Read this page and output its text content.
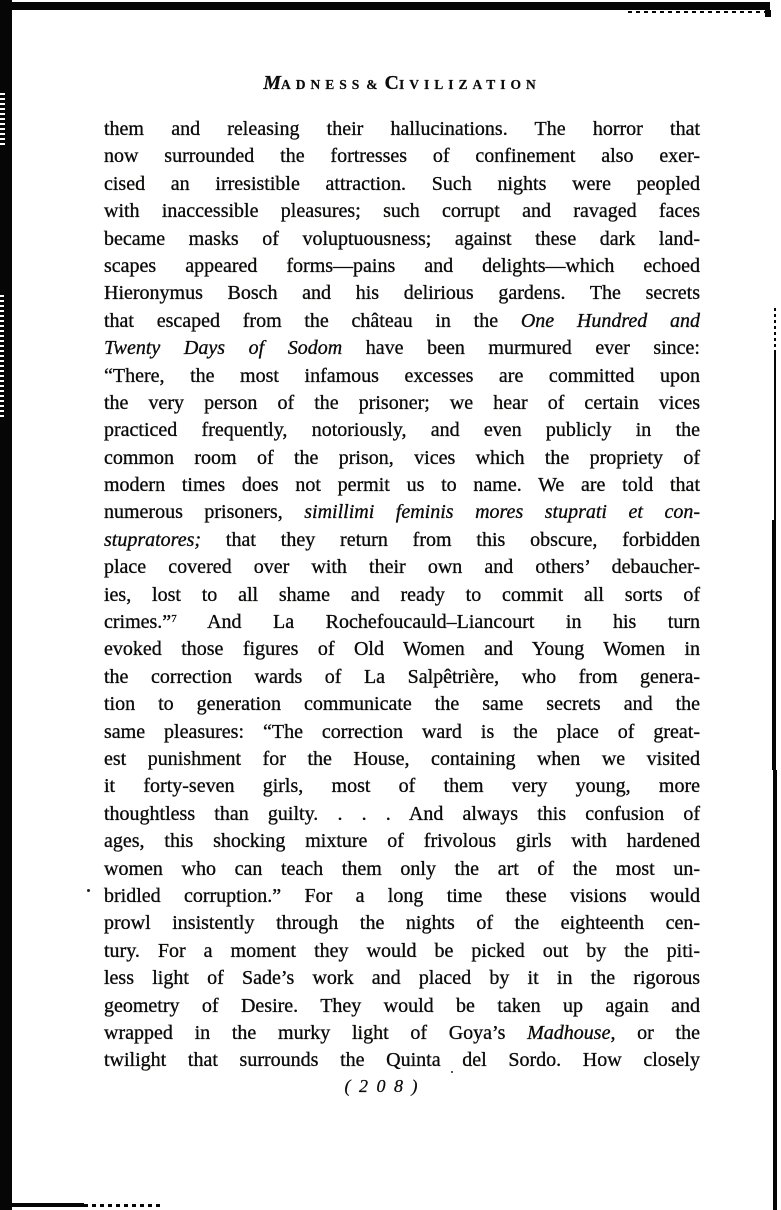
MADNESS & CIVILIZATION
them and releasing their hallucinations. The horror that
now surrounded the fortresses of confinement also exer-
cised an irresistible attraction. Such nights were peopled
with inaccessible pleasures; such corrupt and ravaged faces
became masks of voluptuousness; against these dark land-
scapes appeared forms—pains and delights—which echoed
Hieronymus Bosch and his delirious gardens. The secrets
that escaped from the château in the One Hundred and
Twenty Days of Sodom have been murmured ever since:
“There, the most infamous excesses are committed upon
the very person of the prisoner; we hear of certain vices
practiced frequently, notoriously, and even publicly in the
common room of the prison, vices which the propriety of
modern times does not permit us to name. We are told that
numerous prisoners, simillimi feminis mores stuprati et con-
stupratores; that they return from this obscure, forbidden
place covered over with their own and others’ debaucher-
ies, lost to all shame and ready to commit all sorts of
crimes.”$^7$ And La Rochefoucauld–Liancourt in his turn
evoked those figures of Old Women and Young Women in
the correction wards of La Salpêtrière, who from genera-
tion to generation communicate the same secrets and the
same pleasures: “The correction ward is the place of great-
est punishment for the House, containing when we visited
it forty-seven girls, most of them very young, more
thoughtless than guilty. . . . And always this confusion of
ages, this shocking mixture of frivolous girls with hardened
women who can teach them only the art of the most un-
bridled corruption.” For a long time these visions would
prowl insistently through the nights of the eighteenth cen-
tury. For a moment they would be picked out by the piti-
less light of Sade’s work and placed by it in the rigorous
geometry of Desire. They would be taken up again and
wrapped in the murky light of Goya’s Madhouse, or the
twilight that surrounds the Quinta del Sordo. How closely
( 2 0 8 )
